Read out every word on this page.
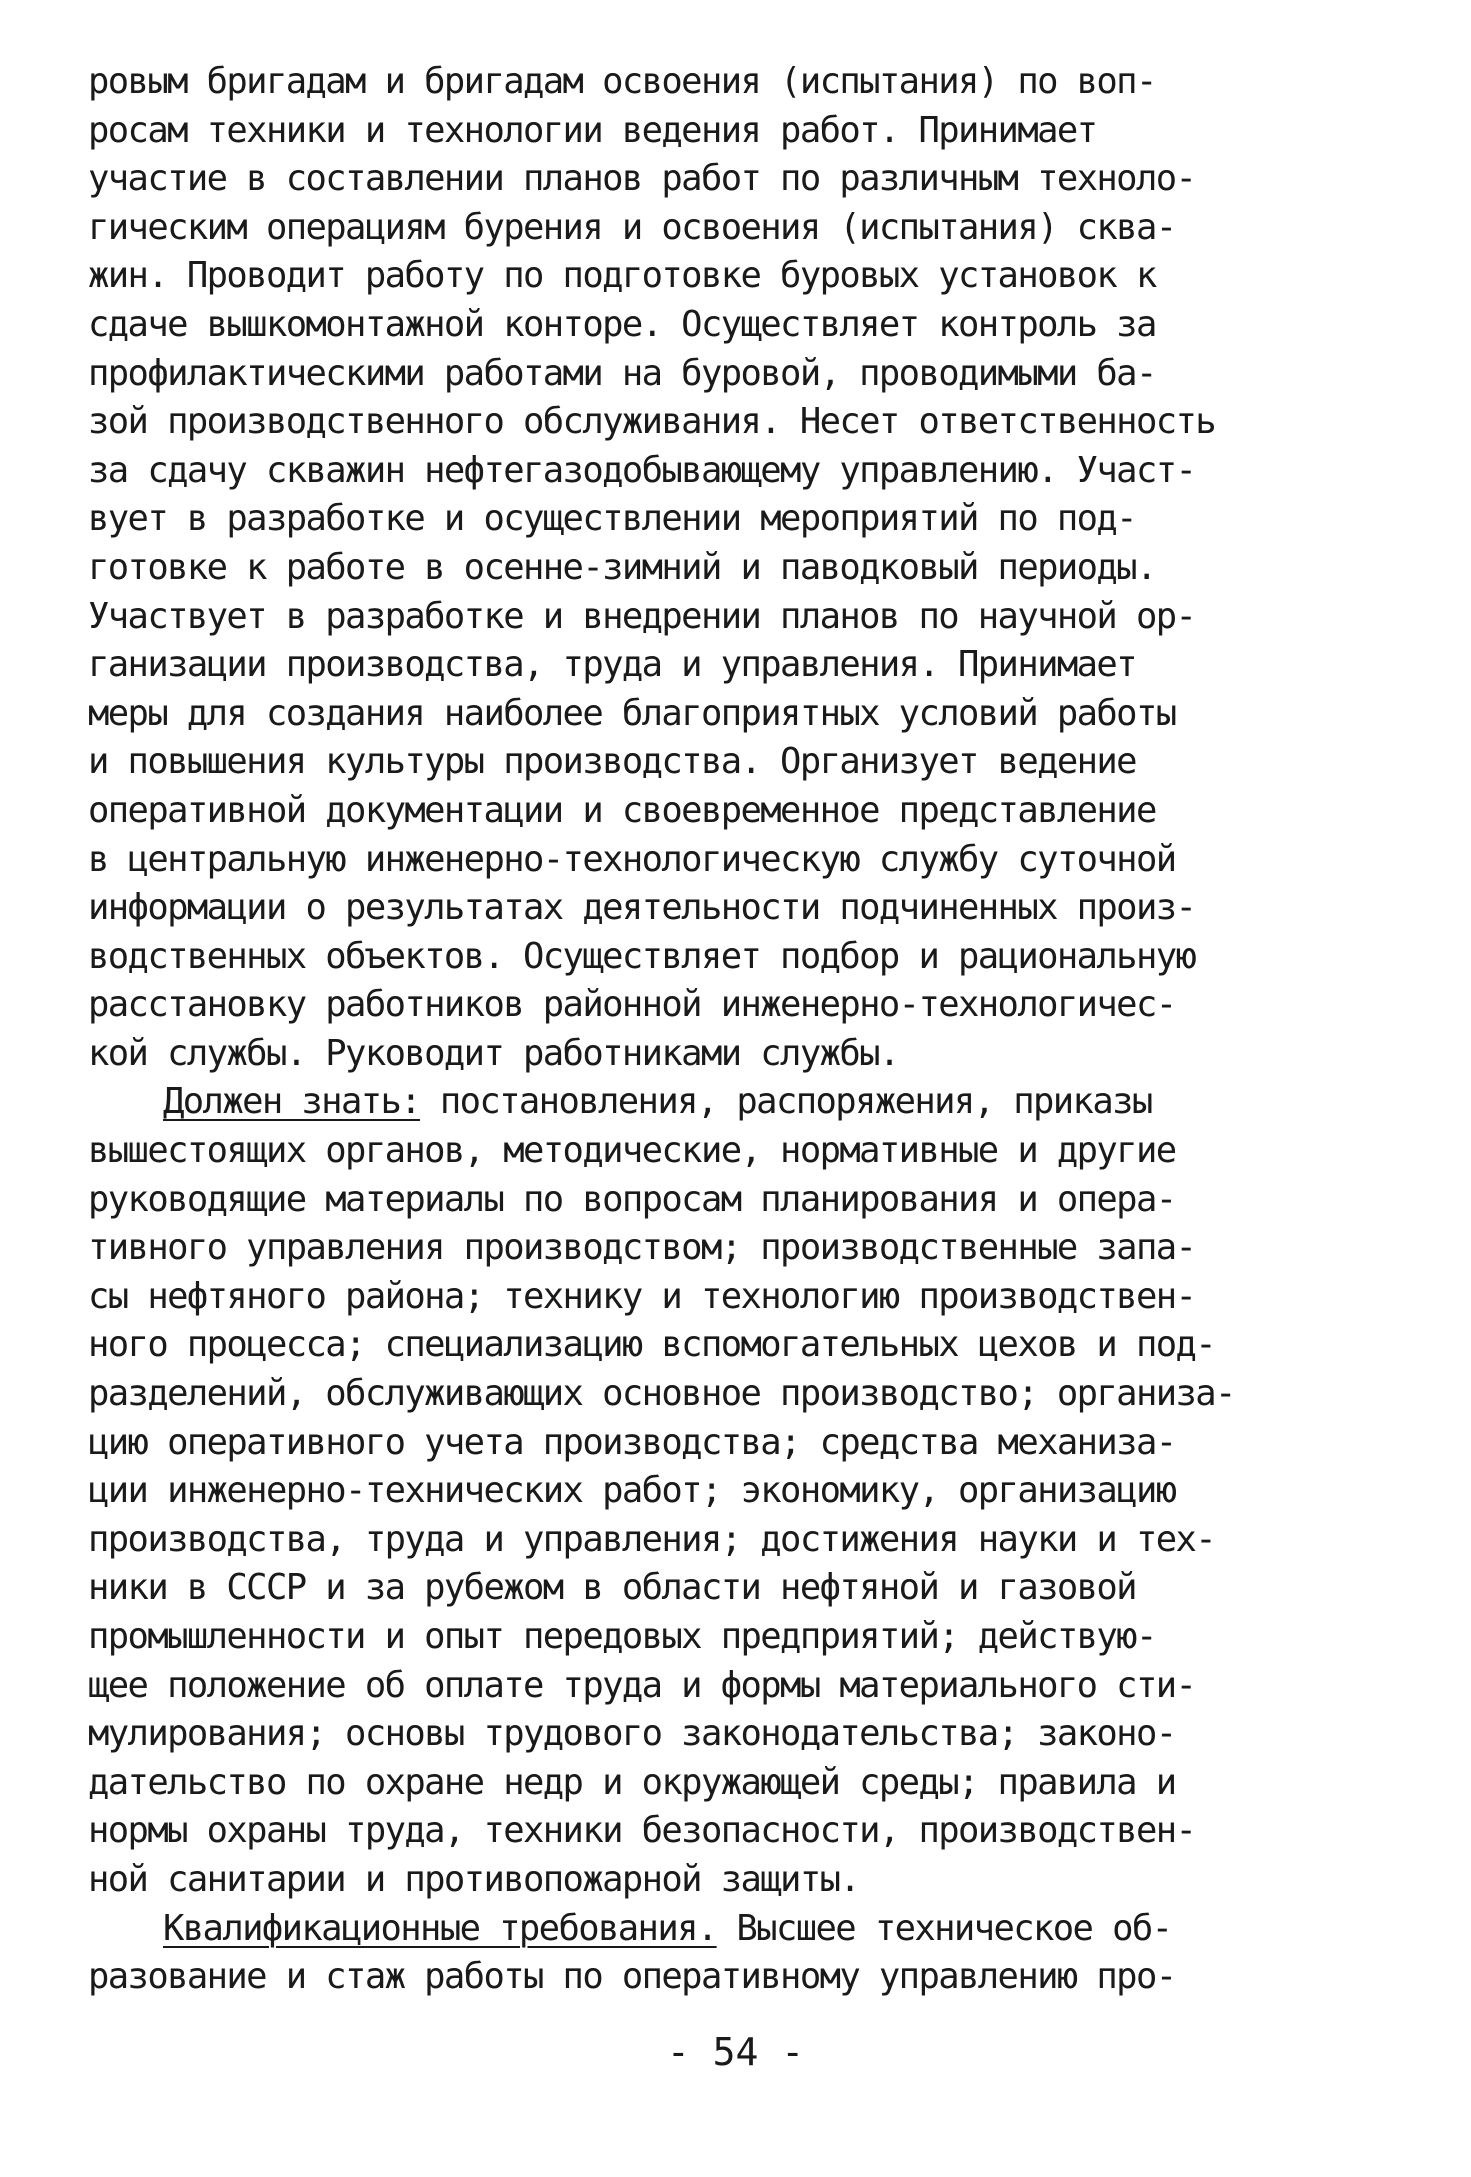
ровым бригадам и бригадам освоения (испытания) по воп-
росам техники и технологии ведения работ. Принимает
участие в составлении планов работ по различным техноло-
гическим операциям бурения и освоения (испытания) сква-
жин. Проводит работу по подготовке буровых установок к
сдаче вышкомонтажной конторе. Осуществляет контроль за
профилактическими работами на буровой, проводимыми ба-
зой производственного обслуживания. Несет ответственность
за сдачу скважин нефтегазодобывающему управлению. Участ-
вует в разработке и осуществлении мероприятий по под-
готовке к работе в осенне-зимний и паводковый периоды.
Участвует в разработке и внедрении планов по научной ор-
ганизации производства, труда и управления. Принимает
меры для создания наиболее благоприятных условий работы
и повышения культуры производства. Организует ведение
оперативной документации и своевременное представление
в центральную инженерно-технологическую службу суточной
информации о результатах деятельности подчиненных произ-
водственных объектов. Осуществляет подбор и рациональную
расстановку работников районной инженерно-технологичес-
кой службы. Руководит работниками службы.
Должен знать: постановления, распоряжения, приказы
вышестоящих органов, методические, нормативные и другие
руководящие материалы по вопросам планирования и опера-
тивного управления производством; производственные запа-
сы нефтяного района; технику и технологию производствен-
ного процесса; специализацию вспомогательных цехов и под-
разделений, обслуживающих основное производство; организа-
цию оперативного учета производства; средства механиза-
ции инженерно-технических работ; экономику, организацию
производства, труда и управления; достижения науки и тех-
ники в СССР и за рубежом в области нефтяной и газовой
промышленности и опыт передовых предприятий; действую-
щее положение об оплате труда и формы материального сти-
мулирования; основы трудового законодательства; законо-
дательство по охране недр и окружающей среды; правила и
нормы охраны труда, техники безопасности, производствен-
ной санитарии и противопожарной защиты.
Квалификационные требования. Высшее техническое об-
разование и стаж работы по оперативному управлению про-
- 54 -
